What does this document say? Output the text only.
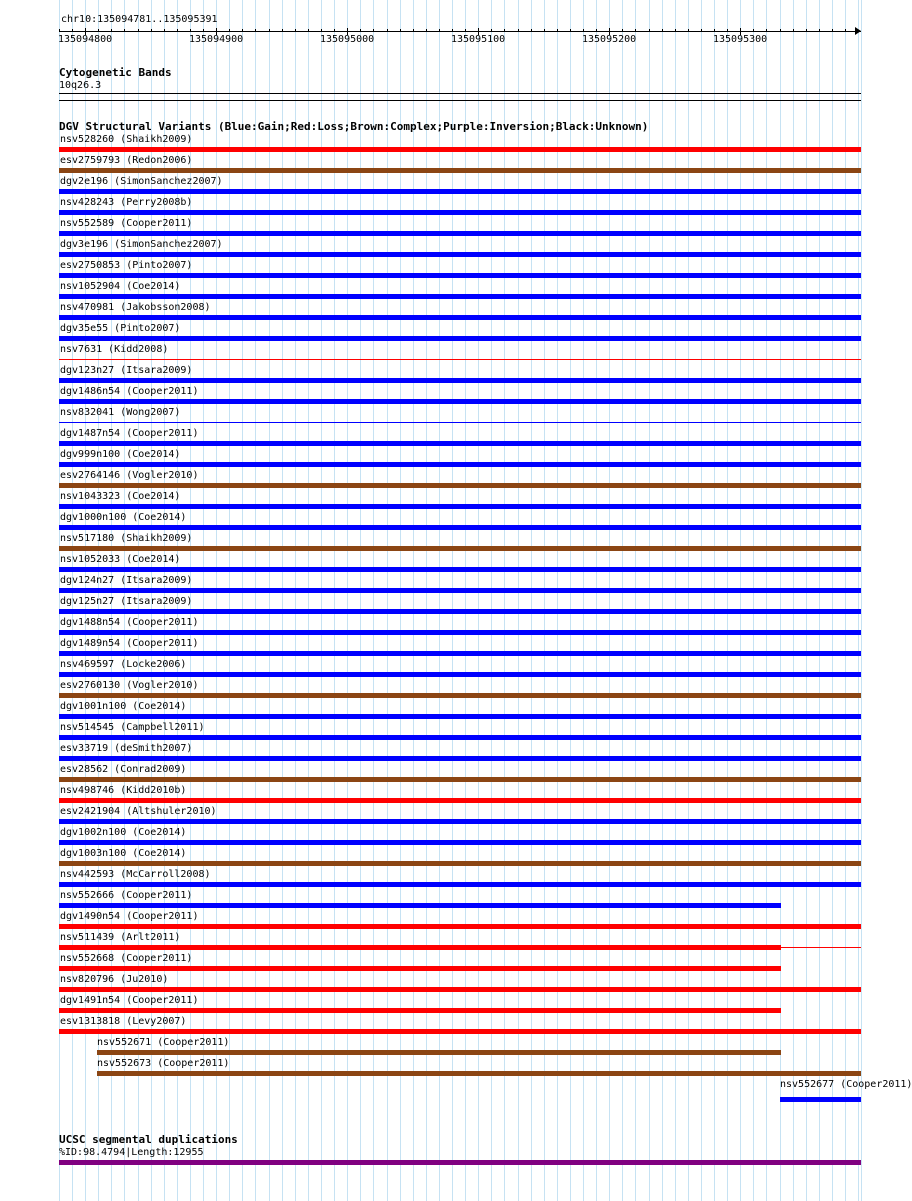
chr10:135094781..135095391
135094800	135094900	135095000	135095100	135095200	135095300
Cytogenetic Bands
10q26.3
DGV Structural Variants (Blue:Gain;Red:Loss;Brown:Complex;Purple:Inversion;Black:Unknown)
nsv528260 (Shaikh2009)
esv2759793 (Redon2006)
dgv2e196 (SimonSanchez2007)
nsv428243 (Perry2008b)
nsv552589 (Cooper2011)
dgv3e196 (SimonSanchez2007)
esv2750853 (Pinto2007)
nsv1052904 (Coe2014)
nsv470981 (Jakobsson2008)
dgv35e55 (Pinto2007)
nsv7631 (Kidd2008)
dgv123n27 (Itsara2009)
dgv1486n54 (Cooper2011)
nsv832041 (Wong2007)
dgv1487n54 (Cooper2011)
dgv999n100 (Coe2014)
esv2764146 (Vogler2010)
nsv1043323 (Coe2014)
dgv1000n100 (Coe2014)
nsv517180 (Shaikh2009)
nsv1052033 (Coe2014)
dgv124n27 (Itsara2009)
dgv125n27 (Itsara2009)
dgv1488n54 (Cooper2011)
dgv1489n54 (Cooper2011)
nsv469597 (Locke2006)
esv2760130 (Vogler2010)
dgv1001n100 (Coe2014)
nsv514545 (Campbell2011)
esv33719 (deSmith2007)
esv28562 (Conrad2009)
nsv498746 (Kidd2010b)
esv2421904 (Altshuler2010)
dgv1002n100 (Coe2014)
dgv1003n100 (Coe2014)
nsv442593 (McCarroll2008)
nsv552666 (Cooper2011)
dgv1490n54 (Cooper2011)
nsv511439 (Arlt2011)
nsv552668 (Cooper2011)
nsv820796 (Ju2010)
dgv1491n54 (Cooper2011)
esv1313818 (Levy2007)
nsv552671 (Cooper2011)
nsv552673 (Cooper2011)
nsv552677 (Cooper2011)
UCSC segmental duplications
%ID:98.4794|Length:12955
